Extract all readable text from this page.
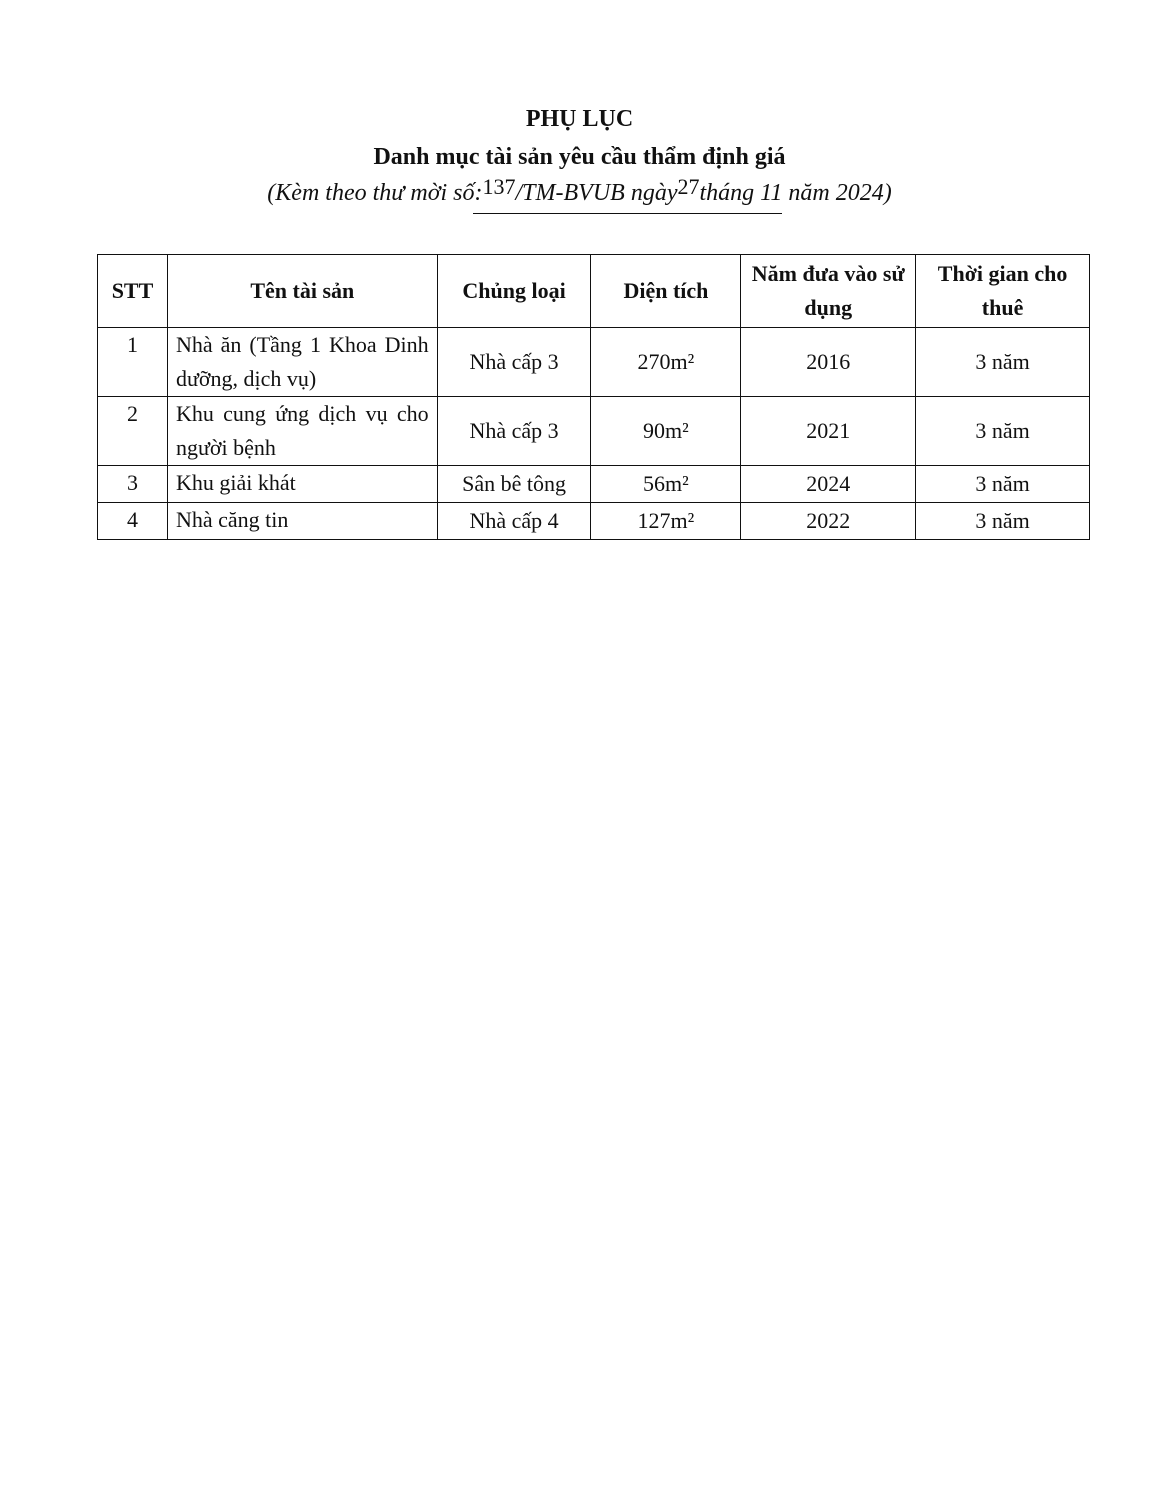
PHỤ LỤC
Danh mục tài sản yêu cầu thẩm định giá
(Kèm theo thư mời số:137/TM-BVUB ngày27tháng 11 năm 2024)
STT	Tên tài sản	Chủng loại	Diện tích	Năm đưa vào sử dụng	Thời gian cho thuê
1	Nhà ăn (Tầng 1 Khoa Dinh dưỡng, dịch vụ)	Nhà cấp 3	270m²	2016	3 năm
2	Khu cung ứng dịch vụ cho người bệnh	Nhà cấp 3	90m²	2021	3 năm
3	Khu giải khát	Sân bê tông	56m²	2024	3 năm
4	Nhà căng tin	Nhà cấp 4	127m²	2022	3 năm
